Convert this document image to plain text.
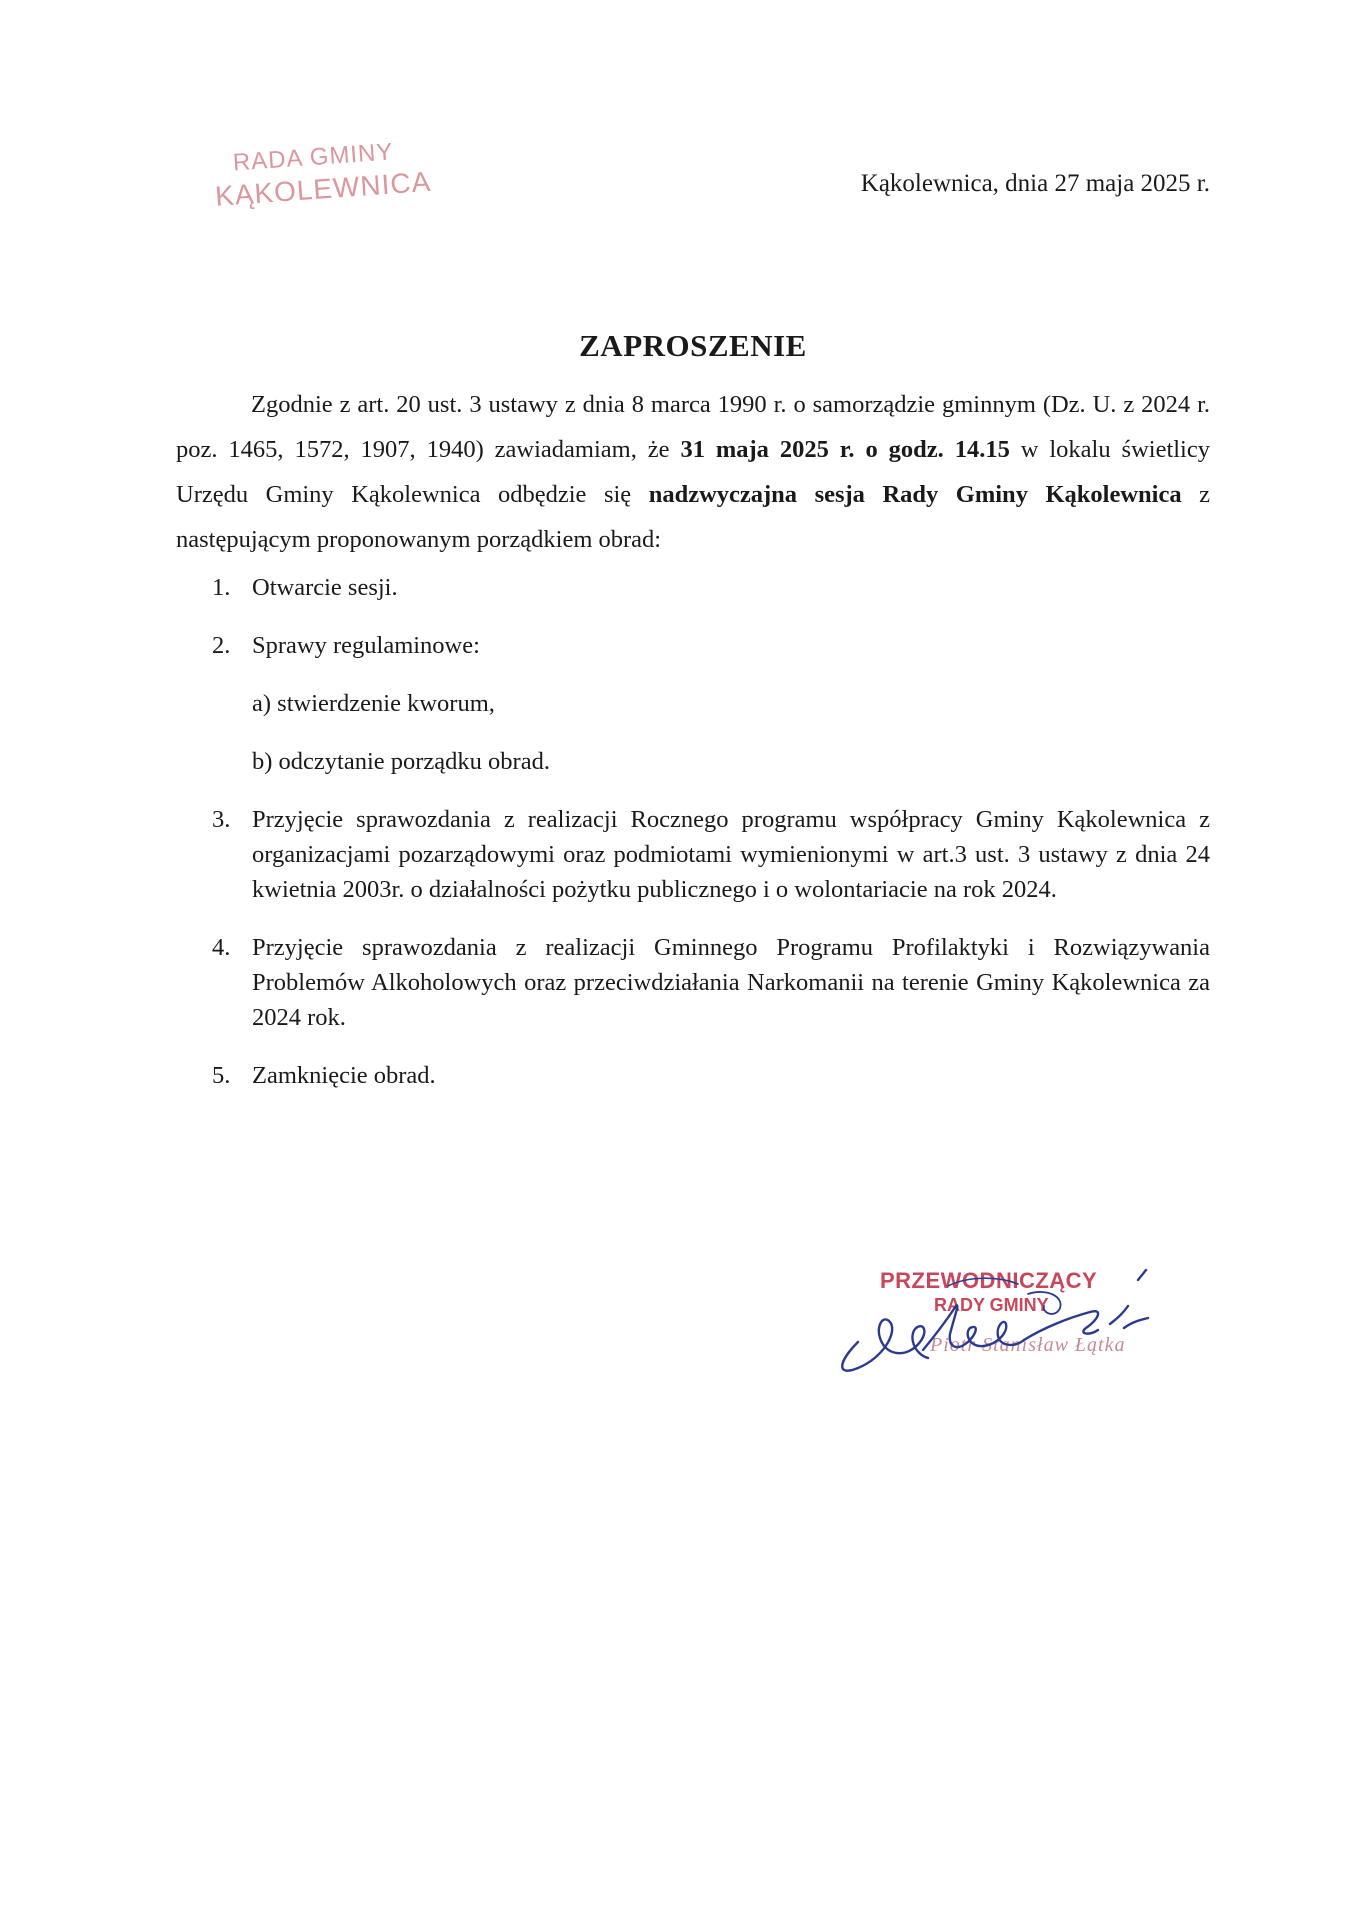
RADA GMINY
KĄKOLEWNICA	Kąkolewnica, dnia 27 maja 2025 r.
ZAPROSZENIE

Zgodnie z art. 20 ust. 3 ustawy z dnia 8 marca 1990 r. o samorządzie gminnym (Dz. U. z 2024 r. poz. 1465, 1572, 1907, 1940) zawiadamiam, że 31 maja 2025 r. o godz. 14.15 w lokalu świetlicy Urzędu Gminy Kąkolewnica odbędzie się nadzwyczajna sesja Rady Gminy Kąkolewnica z następującym proponowanym porządkiem obrad:

1. Otwarcie sesji.
2. Sprawy regulaminowe:
a) stwierdzenie kworum,
b) odczytanie porządku obrad.
3. Przyjęcie sprawozdania z realizacji Rocznego programu współpracy Gminy Kąkolewnica z organizacjami pozarządowymi oraz podmiotami wymienionymi w art.3 ust. 3 ustawy z dnia 24 kwietnia 2003r. o działalności pożytku publicznego i o wolontariacie na rok 2024.
4. Przyjęcie sprawozdania z realizacji Gminnego Programu Profilaktyki i Rozwiązywania Problemów Alkoholowych oraz przeciwdziałania Narkomanii na terenie Gminy Kąkolewnica za 2024 rok.
5. Zamknięcie obrad.
PRZEWODNICZĄCY
RADY GMINY
Piotr Stanisław Łątka
